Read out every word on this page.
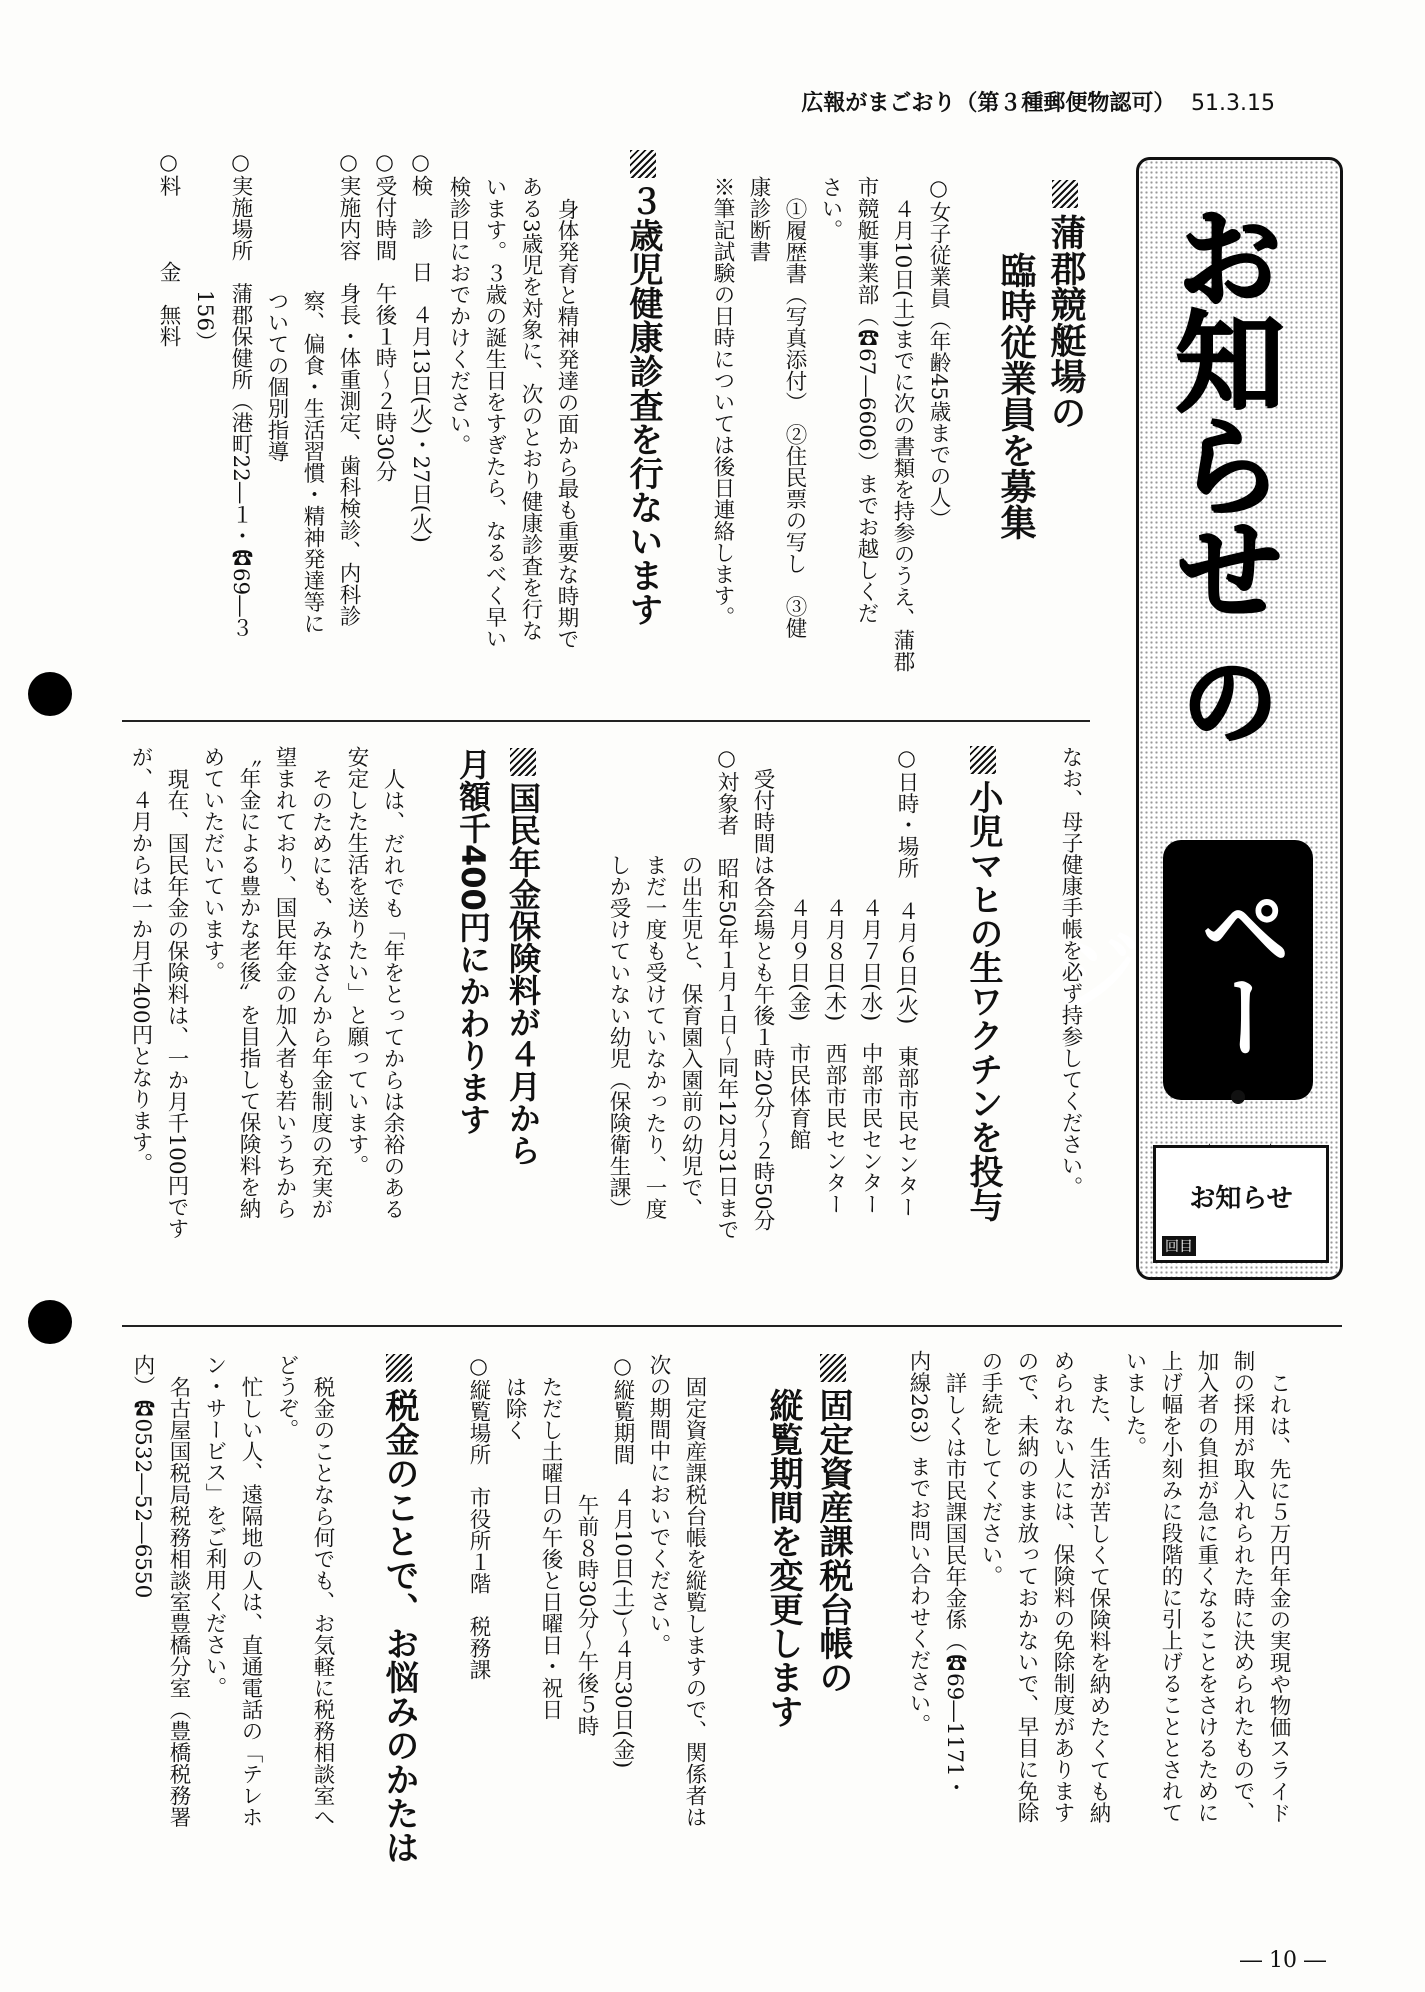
広報がまごおり（第３種郵便物認可） 51.3.15
お知らせ の
ページ
お知らせ
回目
蒲郡競艇場の
臨時従業員を募集
○女子従業員（年齢45歳までの人）
４月10日(土)までに次の書類を持参のうえ、蒲郡
市競艇事業部（☎67―6606）までお越しくだ
さい。
①履歴書（写真添付）　②住民票の写し　③健
康診断書
※筆記試験の日時については後日連絡します。
３歳児健康診査を行ないます
身体発育と精神発達の面から最も重要な時期で
ある3歳児を対象に、次のとおり健康診査を行な
います。３歳の誕生日をすぎたら、なるべく早い
検診日におでかけください。
○検　診　日　４月13日(火)・27日(火)
○受付時間　午後１時～２時30分
○実施内容　身長・体重測定、歯科検診、内科診
察、偏食・生活習慣・精神発達等に
ついての個別指導
○実施場所　蒲郡保健所（港町22―１・☎69―３
156）
○料　　　金　無料
なお、母子健康手帳を必ず持参してください。
小児マヒの生ワクチンを投与
○日時・場所　４月６日(火)　東部市民センター
４月７日(水)　中部市民センター
４月８日(木)　西部市民センター
４月９日(金)　市民体育館
受付時間は各会場とも午後１時20分～２時50分
○対象者　昭和50年１月１日～同年12月31日まで
の出生児と、保育園入園前の幼児で、
まだ一度も受けていなかったり、一度
しか受けていない幼児（保険衛生課）
国民年金保険料が４月から
月額千400円にかわります
人は、だれでも「年をとってからは余裕のある
安定した生活を送りたい」と願っています。
そのためにも、みなさんから年金制度の充実が
望まれており、国民年金の加入者も若いうちから
〝年金による豊かな老後〟を目指して保険料を納
めていただいています。
現在、国民年金の保険料は、一か月千100円です
が、４月からは一か月千400円となります。
これは、先に５万円年金の実現や物価スライド
制の採用が取入れられた時に決められたもので、
加入者の負担が急に重くなることをさけるために
上げ幅を小刻みに段階的に引上げることとされて
いました。
また、生活が苦しくて保険料を納めたくても納
められない人には、保険料の免除制度があります
ので、未納のまま放っておかないで、早目に免除
の手続をしてください。
詳しくは市民課国民年金係（☎69―1171・
内線263）までお問い合わせください。
固定資産課税台帳の
縦覧期間を変更します
固定資産課税台帳を縦覧しますので、関係者は
次の期間中においでください。
○縦覧期間　４月10日(土)～４月30日(金)
午前８時30分～午後５時
ただし土曜日の午後と日曜日・祝日
は除く
○縦覧場所　市役所１階　税務課
税金のことで、お悩みのかたは
税金のことなら何でも、お気軽に税務相談室へ
どうぞ。
忙しい人、遠隔地の人は、直通電話の「テレホ
ン・サービス」をご利用ください。
名古屋国税局税務相談室豊橋分室（豊橋税務署
内）☎0532―52―6550
― 10 ―
